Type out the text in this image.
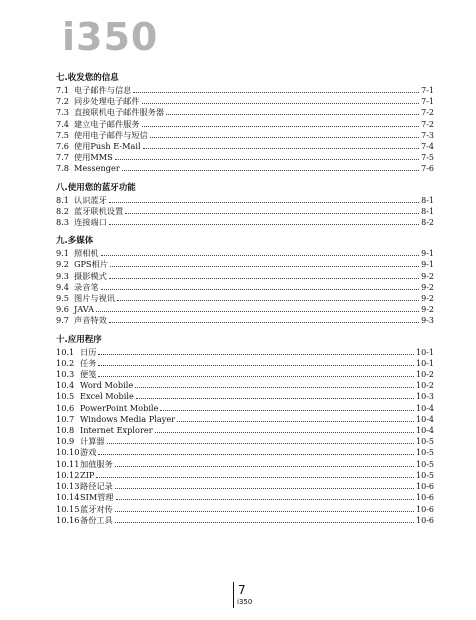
i350
七.收发您的信息
7.1 电子邮件与信息	7-1
7.2 同步处理电子邮件	7-1
7.3 直接联机电子邮件服务器	7-2
7.4 建立电子邮件服务	7-2
7.5 使用电子邮件与短信	7-3
7.6 使用Push E-Mail	7-4
7.7 使用MMS	7-5
7.8 Messenger	7-6
八.使用您的蓝牙功能
8.1 认识蓝牙	8-1
8.2 蓝牙联机设置	8-1
8.3 连接端口	8-2
九.多媒体
9.1 照相机	9-1
9.2 GPS相片	9-1
9.3 摄影模式	9-2
9.4 录音笔	9-2
9.5 图片与视讯	9-2
9.6 JAVA	9-2
9.7 声音特效	9-3
十.应用程序
10.1 日历	10-1
10.2 任务	10-1
10.3 便笺	10-2
10.4 Word Mobile	10-2
10.5 Excel Mobile	10-3
10.6 PowerPoint Mobile	10-4
10.7 Windows Media Player	10-4
10.8 Internet Explorer	10-4
10.9 计算器	10-5
10.10 游戏	10-5
10.11 加值服务	10-5
10.12 ZIP	10-5
10.13 路径记录	10-6
10.14 SIM管理	10-6
10.15 蓝牙对传	10-6
10.16 备份工具	10-6
7
i350
